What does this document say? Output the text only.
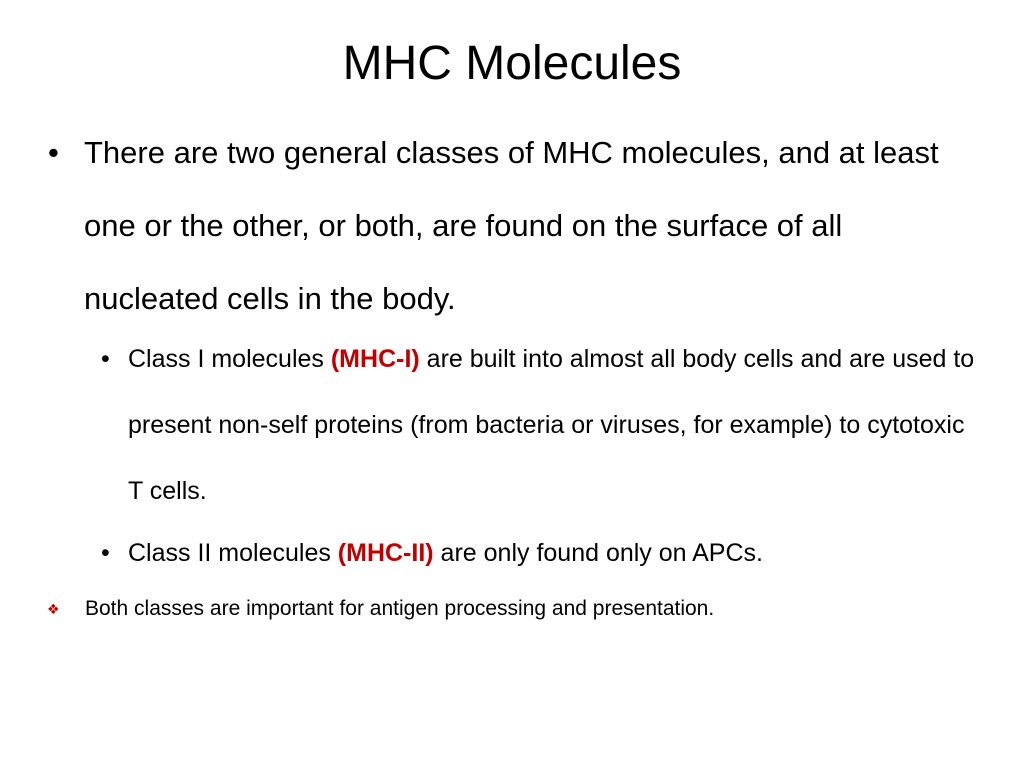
MHC Molecules
• There are two general classes of MHC molecules, and at least one or the other, or both, are found on the surface of all nucleated cells in the body.
• Class I molecules (MHC-I) are built into almost all body cells and are used to present non-self proteins (from bacteria or viruses, for example) to cytotoxic T cells.
• Class II molecules (MHC-II) are only found only on APCs.
❖ Both classes are important for antigen processing and presentation.
